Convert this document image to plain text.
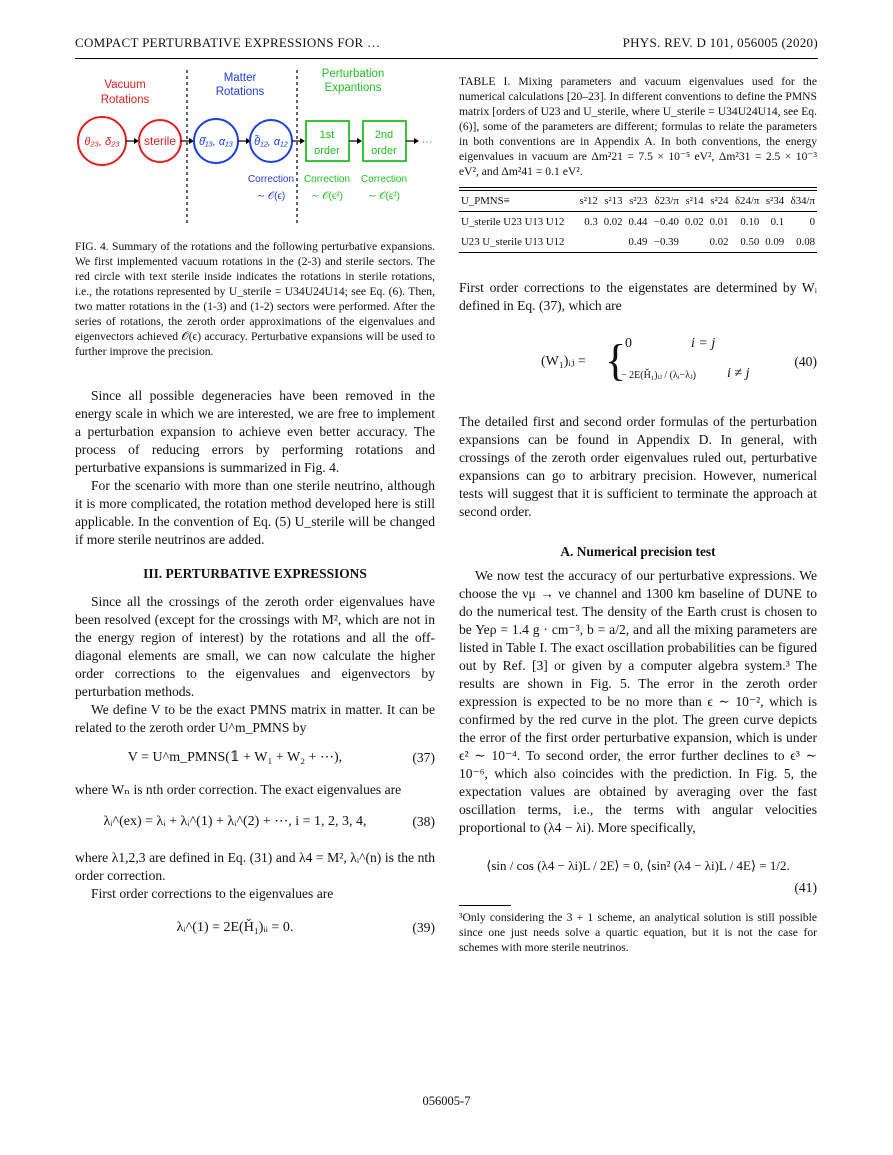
COMPACT PERTURBATIVE EXPRESSIONS FOR …	PHYS. REV. D 101, 056005 (2020)
Vacuum
Rotations
Matter
Rotations
Perturbation
Expantions
θ₂₃, δ₂₃ sterile θ̂₁₃, α₁₃ θ̃₁₂, α₁₂
1st
order
2nd
order
···
Correction
∼ 𝒪(ϵ)
Correction
∼ 𝒪(ϵ²)
Correction
∼ 𝒪(ϵ³)

FIG. 4. Summary of the rotations and the following perturbative expansions. We first implemented vacuum rotations in the (2-3) and sterile sectors. The red circle with text sterile inside indicates the rotations in sterile rotations, i.e., the rotations represented by U_sterile = U34U24U14; see Eq. (6). Then, two matter rotations in the (1-3) and (1-2) sectors were performed. After the series of rotations, the zeroth order approximations of the eigenvalues and eigenvectors achieved 𝒪(ϵ) accuracy. Perturbative expansions will be used to further improve the precision.

Since all possible degeneracies have been removed in the energy scale in which we are interested, we are free to implement a perturbation expansion to achieve even better accuracy. The process of reducing errors by performing rotations and perturbative expansions is summarized in Fig. 4.

For the scenario with more than one sterile neutrino, although it is more complicated, the rotation method developed here is still applicable. In the convention of Eq. (5) U_sterile will be changed if more sterile neutrinos are added.

III. PERTURBATIVE EXPRESSIONS

Since all the crossings of the zeroth order eigenvalues have been resolved (except for the crossings with M², which are not in the energy region of interest) by the rotations and all the off-diagonal elements are small, we can now calculate the higher order corrections to the eigenvalues and eigenvectors by perturbation methods.

We define V to be the exact PMNS matrix in matter. It can be related to the zeroth order U^m_PMNS by

V = U^m_PMNS(𝟙 + W₁ + W₂ + ⋯),	(37)

where Wₙ is nth order correction. The exact eigenvalues are

λᵢ^(ex) = λᵢ + λᵢ^(1) + λᵢ^(2) + ⋯, i = 1, 2, 3, 4,	(38)

where λ1,2,3 are defined in Eq. (31) and λ4 = M², λᵢ^(n) is the nth order correction.

First order corrections to the eigenvalues are

λᵢ^(1) = 2E(Ȟ₁)ᵢᵢ = 0.	(39)

TABLE I. Mixing parameters and vacuum eigenvalues used for the numerical calculations [20–23]. In different conventions to define the PMNS matrix [orders of U23 and U_sterile, where U_sterile = U34U24U14, see Eq. (6)], some of the parameters are different; formulas to relate the parameters in both conventions are in Appendix A. In both conventions, the energy eigenvalues in vacuum are Δm²21 = 7.5 × 10⁻⁵ eV², Δm²31 = 2.5 × 10⁻³ eV², and Δm²41 = 0.1 eV².

U_PMNS≡	s²12	s²13	s²23	δ23/π	s²14	s²24	δ24/π	s²34	δ34/π
U_sterile U23 U13 U12	0.3	0.02	0.44	−0.40	0.02	0.01	0.10	0.1	0
U23 U_sterile U13 U12			0.49	−0.39		0.02	0.50	0.09	0.08

First order corrections to the eigenstates are determined by Wᵢ defined in Eq. (37), which are

(W₁)ᵢⱼ = {
0	i = j
− 2E(Ȟ₁)ᵢⱼ / (λᵢ−λⱼ) i ≠ j
(40)

The detailed first and second order formulas of the perturbation expansions can be found in Appendix D. In general, with crossings of the zeroth order eigenvalues ruled out, perturbative expansions can go to arbitrary precision. However, numerical tests will suggest that it is sufficient to terminate the approach at second order.

A. Numerical precision test

We now test the accuracy of our perturbative expressions. We choose the νμ → νe channel and 1300 km baseline of DUNE to do the numerical test. The density of the Earth crust is chosen to be Yeρ = 1.4 g · cm⁻³, b = a/2, and all the mixing parameters are listed in Table I. The exact oscillation probabilities can be figured out by Ref. [3] or given by a computer algebra system.³ The results are shown in Fig. 5. The error in the zeroth order expression is expected to be no more than ϵ ∼ 10⁻², which is confirmed by the red curve in the plot. The green curve depicts the error of the first order perturbative expansion, which is under ϵ² ∼ 10⁻⁴. To second order, the error further declines to ϵ³ ∼ 10⁻⁶, which also coincides with the prediction. In Fig. 5, the expectation values are obtained by averaging over the fast oscillation terms, i.e., the terms with angular velocities proportional to (λ4 − λi). More specifically,

⟨sin / cos (λ4 − λi)L / 2E⟩ = 0, ⟨sin² (λ4 − λi)L / 4E⟩ = 1/2.
(41)
³Only considering the 3 + 1 scheme, an analytical solution is still possible since one just needs solve a quartic equation, but it is not the case for schemes with more sterile neutrinos.
056005-7
